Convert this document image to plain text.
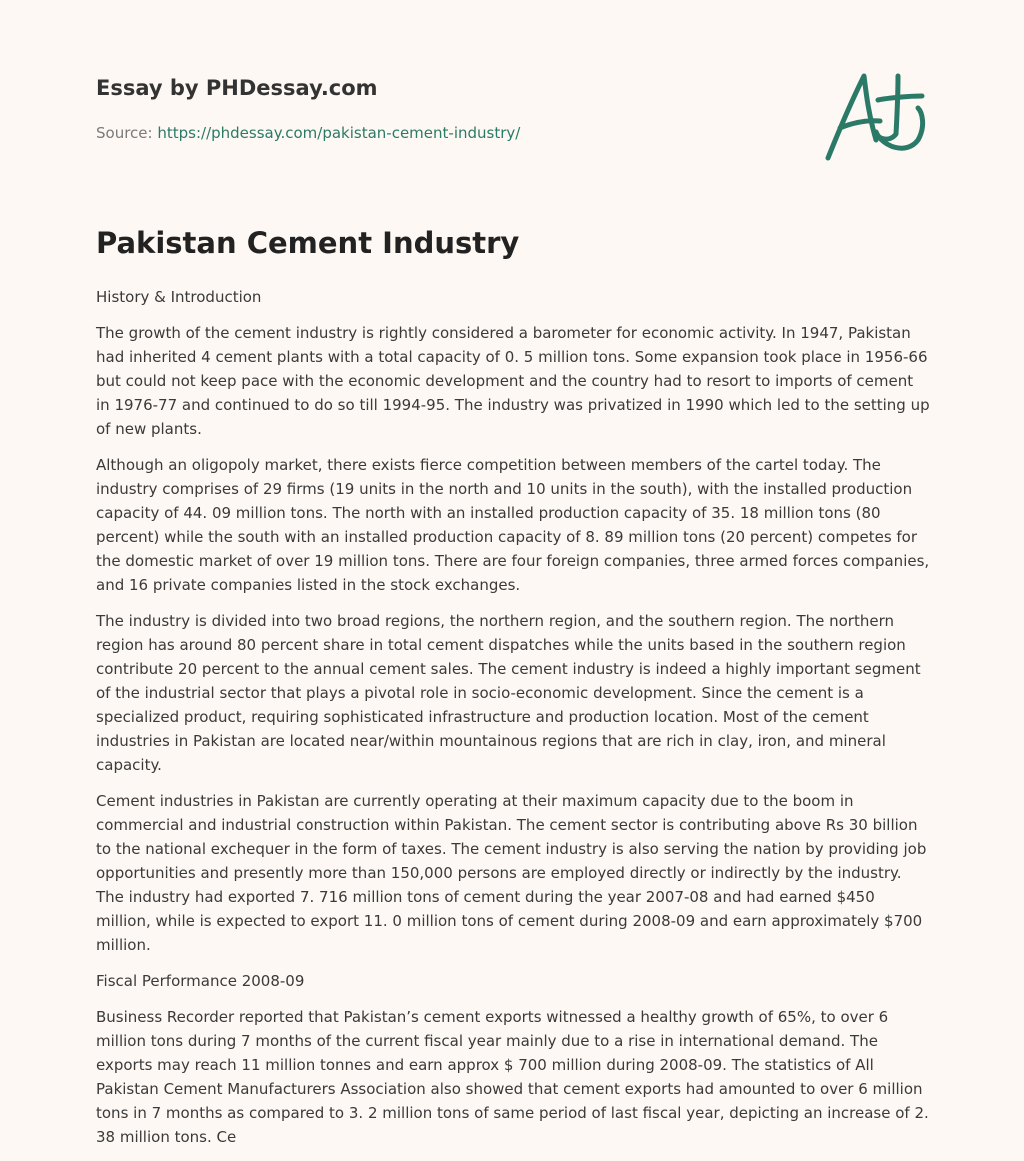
Essay by PHDessay.com
Source: https://phdessay.com/pakistan-cement-industry/
Pakistan Cement Industry

History & Introduction

The growth of the cement industry is rightly considered a barometer for economic activity. In 1947, Pakistan had inherited 4 cement plants with a total capacity of 0. 5 million tons. Some expansion took place in 1956-66 but could not keep pace with the economic development and the country had to resort to imports of cement in 1976-77 and continued to do so till 1994-95. The industry was privatized in 1990 which led to the setting up of new plants.

Although an oligopoly market, there exists fierce competition between members of the cartel today. The industry comprises of 29 firms (19 units in the north and 10 units in the south), with the installed production capacity of 44. 09 million tons. The north with an installed production capacity of 35. 18 million tons (80 percent) while the south with an installed production capacity of 8. 89 million tons (20 percent) competes for the domestic market of over 19 million tons. There are four foreign companies, three armed forces companies, and 16 private companies listed in the stock exchanges.

The industry is divided into two broad regions, the northern region, and the southern region. The northern region has around 80 percent share in total cement dispatches while the units based in the southern region contribute 20 percent to the annual cement sales. The cement industry is indeed a highly important segment of the industrial sector that plays a pivotal role in socio-economic development. Since the cement is a specialized product, requiring sophisticated infrastructure and production location. Most of the cement industries in Pakistan are located near/within mountainous regions that are rich in clay, iron, and mineral capacity.

Cement industries in Pakistan are currently operating at their maximum capacity due to the boom in commercial and industrial construction within Pakistan. The cement sector is contributing above Rs 30 billion to the national exchequer in the form of taxes. The cement industry is also serving the nation by providing job opportunities and presently more than 150,000 persons are employed directly or indirectly by the industry. The industry had exported 7. 716 million tons of cement during the year 2007-08 and had earned $450 million, while is expected to export 11. 0 million tons of cement during 2008-09 and earn approximately $700 million.

Fiscal Performance 2008-09

Business Recorder reported that Pakistan’s cement exports witnessed a healthy growth of 65%, to over 6 million tons during 7 months of the current fiscal year mainly due to a rise in international demand. The exports may reach 11 million tonnes and earn approx $ 700 million during 2008-09. The statistics of All Pakistan Cement Manufacturers Association also showed that cement exports had amounted to over 6 million tons in 7 months as compared to 3. 2 million tons of same period of last fiscal year, depicting an increase of 2. 38 million tons. Ce
